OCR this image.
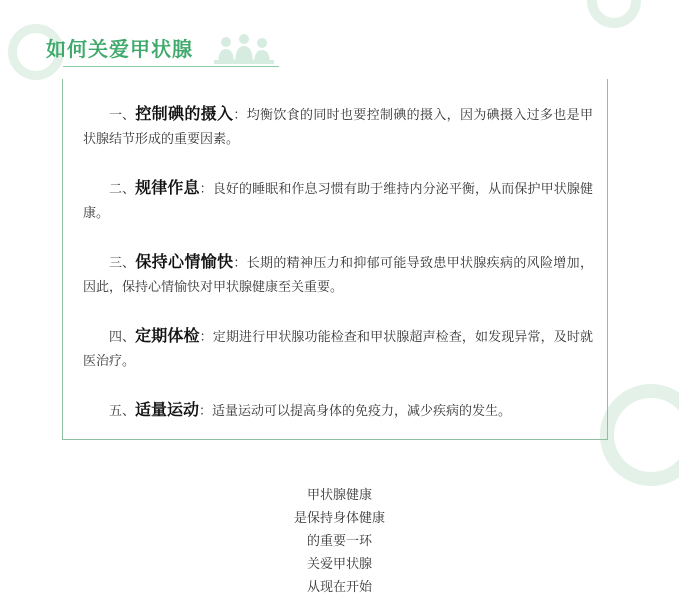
如何关爱甲状腺
一、控制碘的摄入：均衡饮食的同时也要控制碘的摄入，因为碘摄入过多也是甲状腺结节形成的重要因素。
二、规律作息：良好的睡眠和作息习惯有助于维持内分泌平衡，从而保护甲状腺健康。
三、保持心情愉快：长期的精神压力和抑郁可能导致患甲状腺疾病的风险增加，因此，保持心情愉快对甲状腺健康至关重要。
四、定期体检：定期进行甲状腺功能检查和甲状腺超声检查，如发现异常，及时就医治疗。
五、适量运动：适量运动可以提高身体的免疫力，减少疾病的发生。
甲状腺健康
是保持身体健康
的重要一环
关爱甲状腺
从现在开始
